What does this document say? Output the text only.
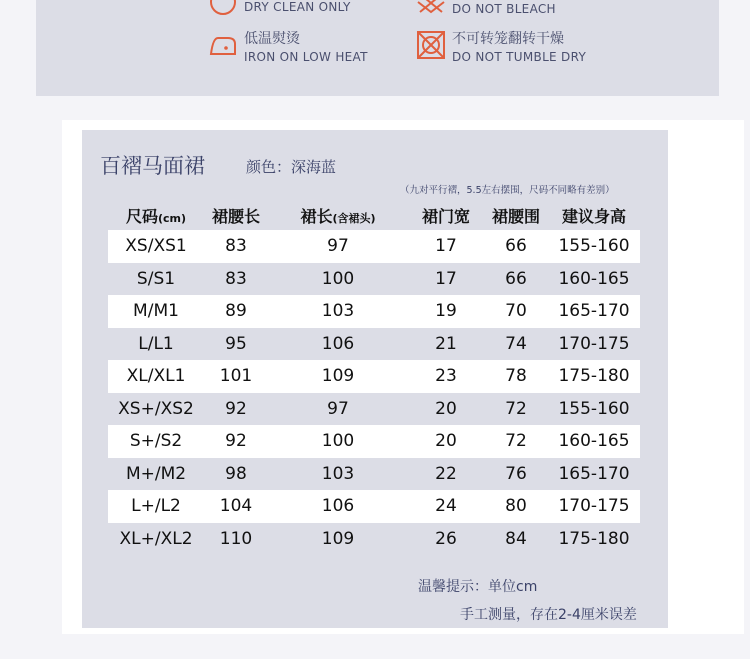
DRY CLEAN ONLY	DO NOT BLEACH
低温熨烫
IRON ON LOW HEAT
不可转笼翻转干燥
DO NOT TUMBLE DRY
百褶马面裙	颜色：深海蓝
（九对平行褶，5.5左右摆围，尺码不同略有差别）
尺码(cm)	裙腰长	裙长(含裙头)	裙门宽	裙腰围	建议身高
XS/XS1	83	97	17	66	155-160
S/S1	83	100	17	66	160-165
M/M1	89	103	19	70	165-170
L/L1	95	106	21	74	170-175
XL/XL1	101	109	23	78	175-180
XS+/XS2	92	97	20	72	155-160
S+/S2	92	100	20	72	160-165
M+/M2	98	103	22	76	165-170
L+/L2	104	106	24	80	170-175
XL+/XL2	110	109	26	84	175-180
温馨提示：单位cm
手工测量，存在2-4厘米误差
